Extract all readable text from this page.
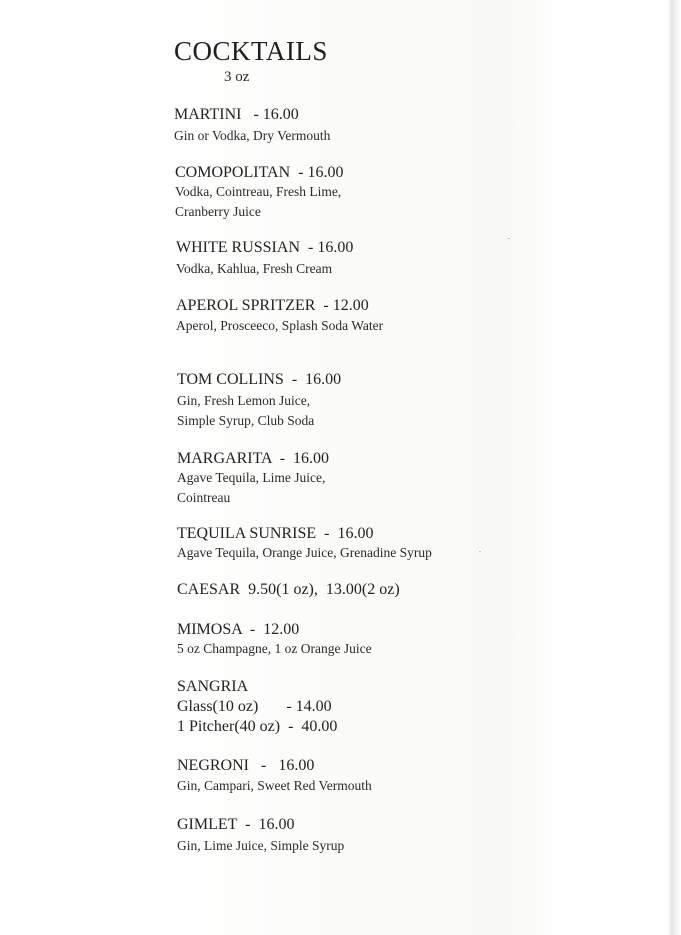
COCKTAILS
3 oz
MARTINI   - 16.00
Gin or Vodka, Dry Vermouth
COMOPOLITAN  - 16.00
Vodka, Cointreau, Fresh Lime,
Cranberry Juice
WHITE RUSSIAN  - 16.00
Vodka, Kahlua, Fresh Cream
APEROL SPRITZER  - 12.00
Aperol, Prosceeco, Splash Soda Water
TOM COLLINS  -  16.00
Gin, Fresh Lemon Juice,
Simple Syrup, Club Soda
MARGARITA  -  16.00
Agave Tequila, Lime Juice,
Cointreau
TEQUILA SUNRISE  -  16.00
Agave Tequila, Orange Juice, Grenadine Syrup
CAESAR  9.50(1 oz),  13.00(2 oz)
MIMOSA  -  12.00
5 oz Champagne, 1 oz Orange Juice
SANGRIA
Glass(10 oz)       - 14.00
1 Pitcher(40 oz)  -  40.00
NEGRONI   -   16.00
Gin, Campari, Sweet Red Vermouth
GIMLET  -  16.00
Gin, Lime Juice, Simple Syrup
